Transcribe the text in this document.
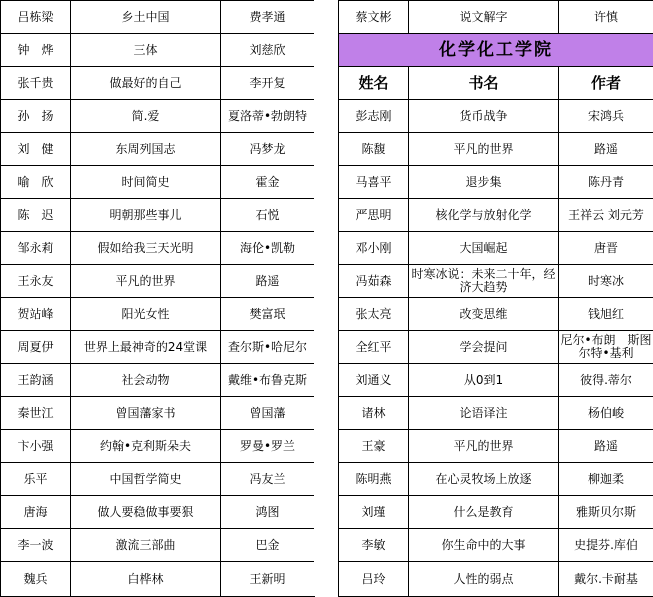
吕栋梁	乡土中国	费孝通
钟　烨	三体	刘慈欣
张千贵	做最好的自己	李开复
孙　扬	简.爱	夏洛蒂•勃朗特
刘　健	东周列国志	冯梦龙
喻　欣	时间简史	霍金
陈　迟	明朝那些事儿	石悦
邹永莉	假如给我三天光明	海伦•凯勒
王永友	平凡的世界	路遥
贺站峰	阳光女性	樊富珉
周夏伊	世界上最神奇的24堂课	查尔斯•哈尼尔
王韵涵	社会动物	戴维•布鲁克斯
秦世江	曾国藩家书	曾国藩
卞小强	约翰•克利斯朵夫	罗曼•罗兰
乐平	中国哲学简史	冯友兰
唐海	做人要稳做事要狠	鸿图
李一波	激流三部曲	巴金
魏兵	白桦林	王新明
蔡文彬	说文解字	许慎
化学化工学院		
姓名	书名	作者
彭志刚	货币战争	宋鸿兵
陈馥	平凡的世界	路遥
马喜平	退步集	陈丹青
严思明	核化学与放射化学	王祥云 刘元芳
邓小刚	大国崛起	唐晋
冯茹森	时寒冰说：未来二十年，经济大趋势	时寒冰
张太亮	改变思维	钱旭红
全红平	学会提问	尼尔•布朗　斯图尔特•基利
刘通义	从0到1	彼得.蒂尔
诸林	论语译注	杨伯峻
王豪	平凡的世界	路遥
陈明燕	在心灵牧场上放逐	柳迦柔
刘瑾	什么是教育	雅斯贝尔斯
李敏	你生命中的大事	史提芬.库伯
吕玲	人性的弱点	戴尔.卡耐基
